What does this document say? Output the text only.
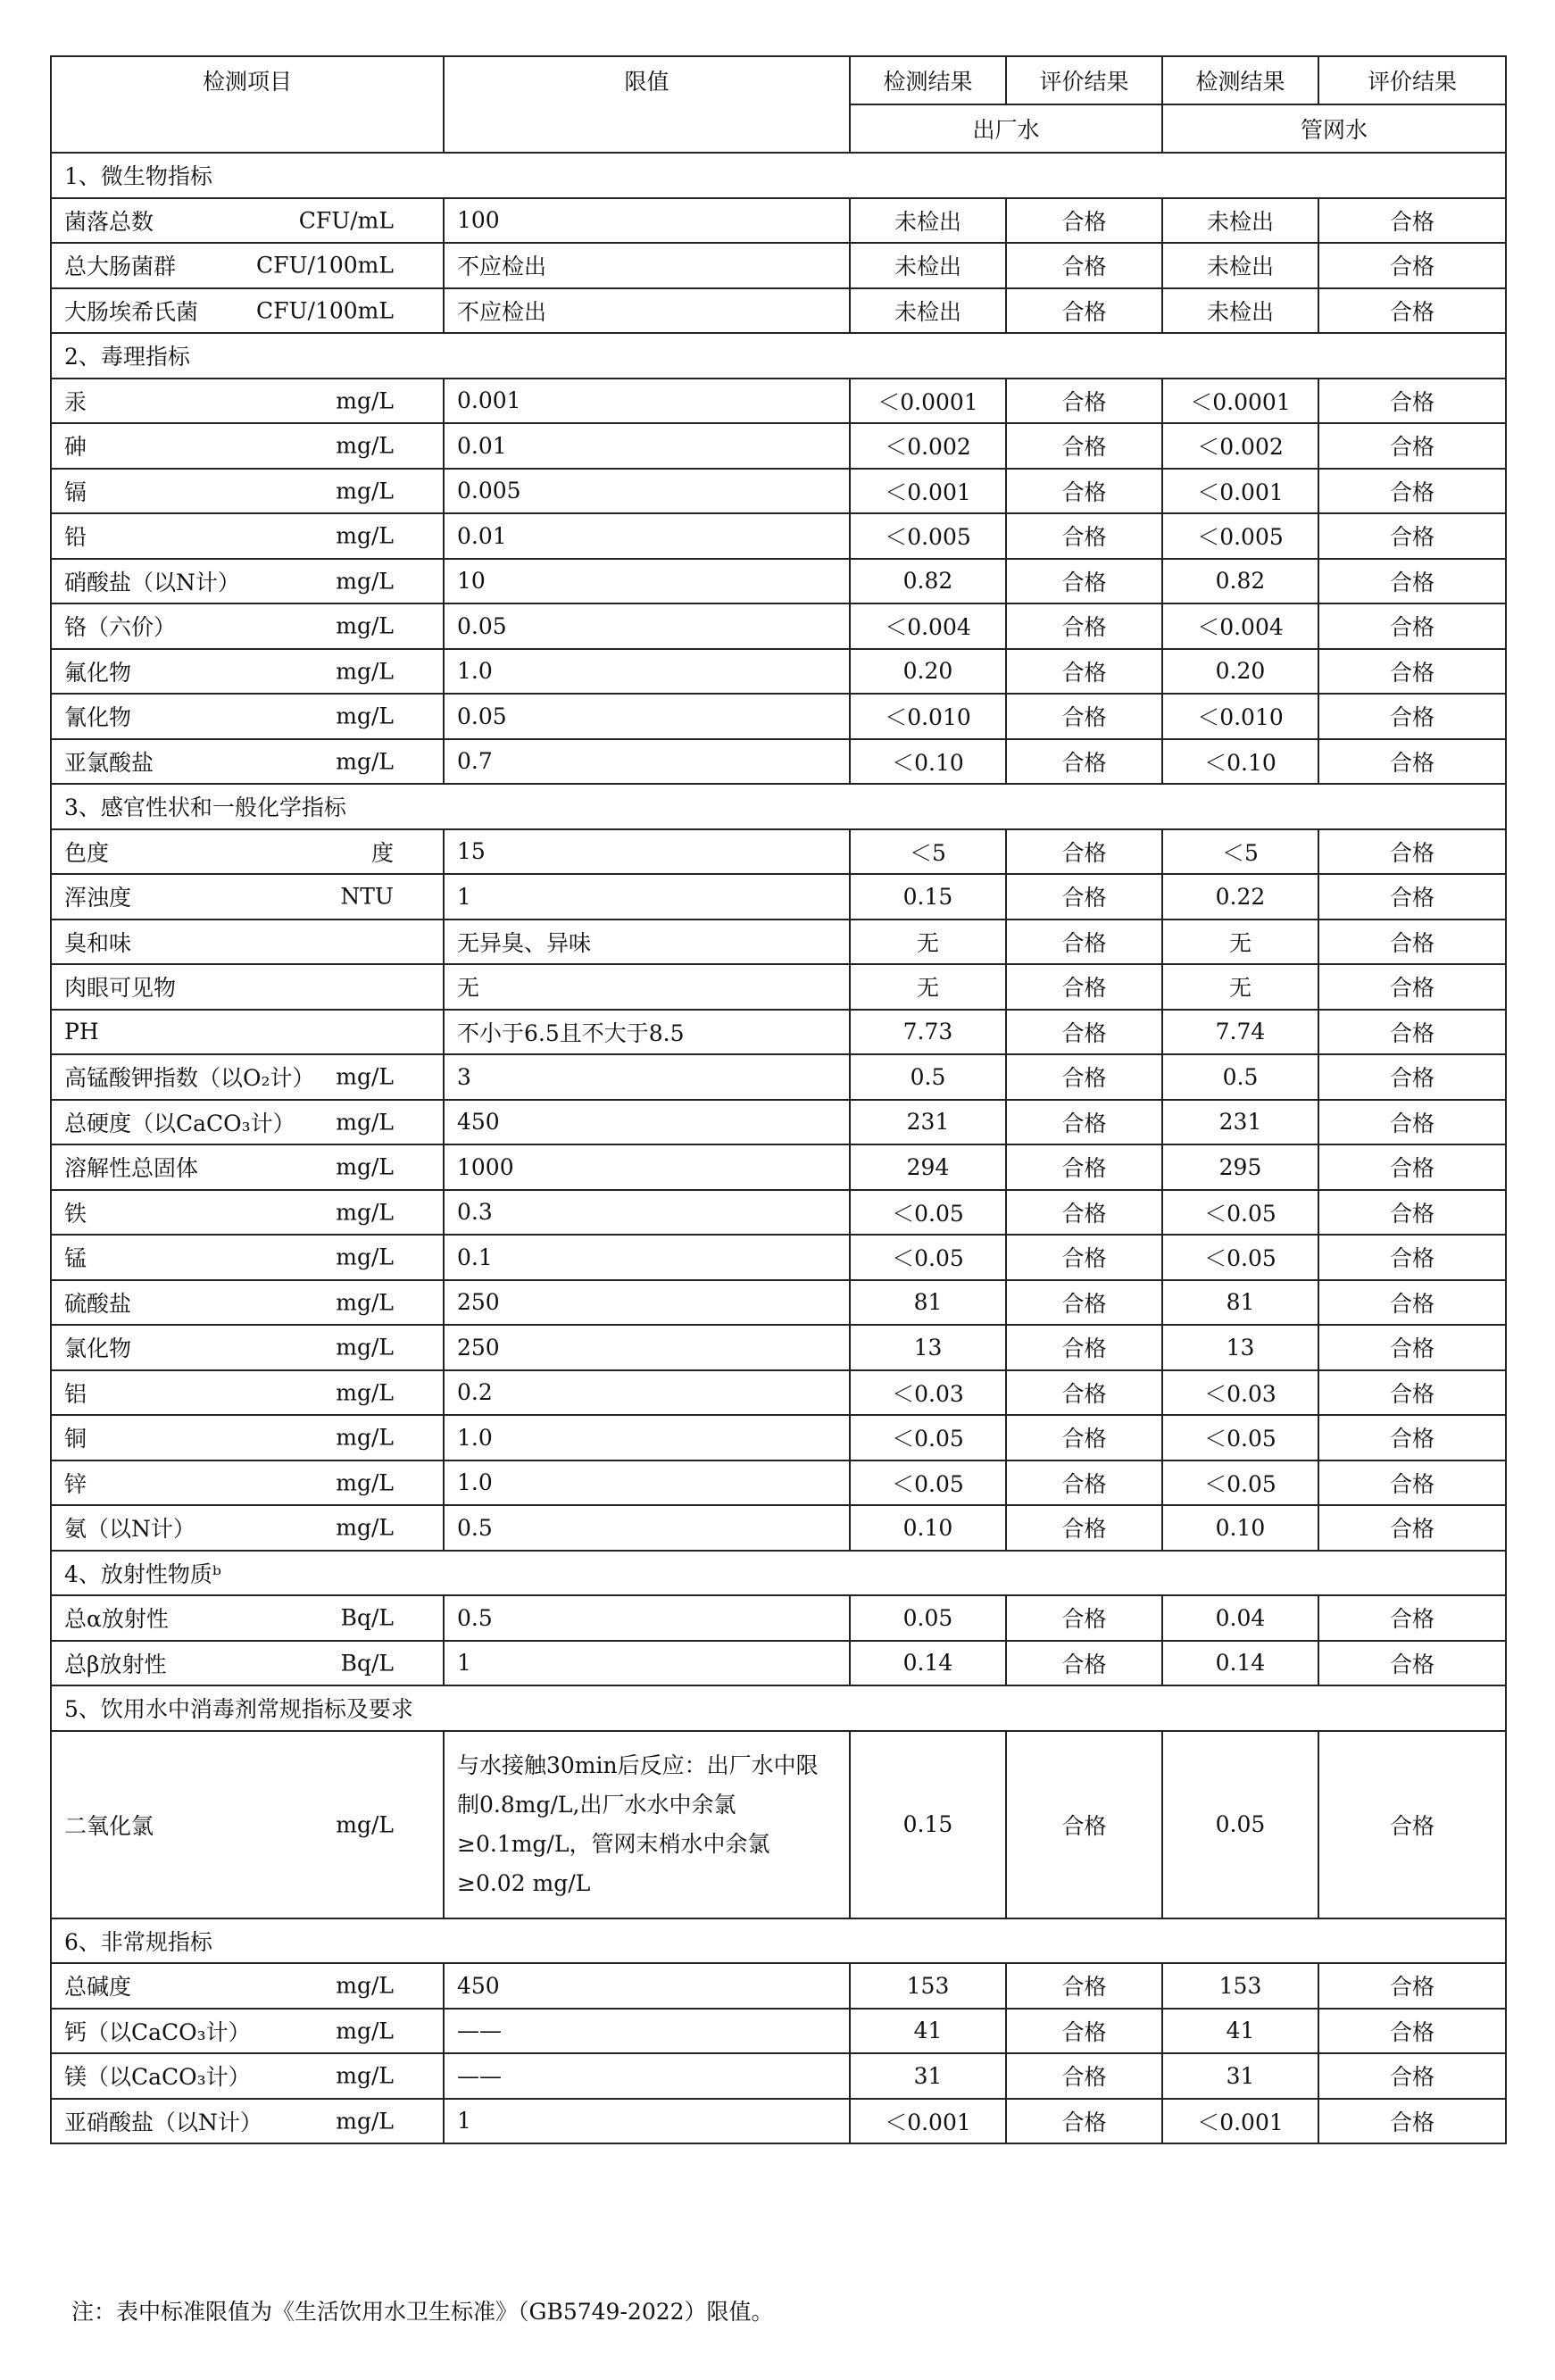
检测项目	限值	检测结果	评价结果	检测结果	评价结果
		出厂水		管网水	
1、微生物指标					
菌落总数 CFU/mL	100	未检出	合格	未检出	合格
总大肠菌群 CFU/100mL	不应检出	未检出	合格	未检出	合格
大肠埃希氏菌 CFU/100mL	不应检出	未检出	合格	未检出	合格
2、毒理指标					
汞 mg/L	0.001	＜0.0001	合格	＜0.0001	合格
砷 mg/L	0.01	＜0.002	合格	＜0.002	合格
镉 mg/L	0.005	＜0.001	合格	＜0.001	合格
铅 mg/L	0.01	＜0.005	合格	＜0.005	合格
硝酸盐（以N计） mg/L	10	0.82	合格	0.82	合格
铬（六价） mg/L	0.05	＜0.004	合格	＜0.004	合格
氟化物 mg/L	1.0	0.20	合格	0.20	合格
氰化物 mg/L	0.05	＜0.010	合格	＜0.010	合格
亚氯酸盐 mg/L	0.7	＜0.10	合格	＜0.10	合格
3、感官性状和一般化学指标					
色度 度	15	＜5	合格	＜5	合格
浑浊度 NTU	1	0.15	合格	0.22	合格
臭和味	无异臭、异味	无	合格	无	合格
肉眼可见物	无	无	合格	无	合格
PH	不小于6.5且不大于8.5	7.73	合格	7.74	合格
高锰酸钾指数（以O₂计） mg/L	3	0.5	合格	0.5	合格
总硬度（以CaCO₃计） mg/L	450	231	合格	231	合格
溶解性总固体 mg/L	1000	294	合格	295	合格
铁 mg/L	0.3	＜0.05	合格	＜0.05	合格
锰 mg/L	0.1	＜0.05	合格	＜0.05	合格
硫酸盐 mg/L	250	81	合格	81	合格
氯化物 mg/L	250	13	合格	13	合格
铝 mg/L	0.2	＜0.03	合格	＜0.03	合格
铜 mg/L	1.0	＜0.05	合格	＜0.05	合格
锌 mg/L	1.0	＜0.05	合格	＜0.05	合格
氨（以N计） mg/L	0.5	0.10	合格	0.10	合格
4、放射性物质ᵇ					
总α放射性 Bq/L	0.5	0.05	合格	0.04	合格
总β放射性 Bq/L	1	0.14	合格	0.14	合格
5、饮用水中消毒剂常规指标及要求					
二氧化氯 mg/L	与水接触30min后反应：出厂水中限制0.8mg/L,出厂水水中余氯≥0.1mg/L，管网末梢水中余氯≥0.02 mg/L	0.15	合格	0.05	合格
6、非常规指标					
总碱度 mg/L	450	153	合格	153	合格
钙（以CaCO₃计） mg/L	——	41	合格	41	合格
镁（以CaCO₃计） mg/L	——	31	合格	31	合格
亚硝酸盐（以N计） mg/L	1	＜0.001	合格	＜0.001	合格
注：表中标准限值为《生活饮用水卫生标准》（GB5749-2022）限值。
